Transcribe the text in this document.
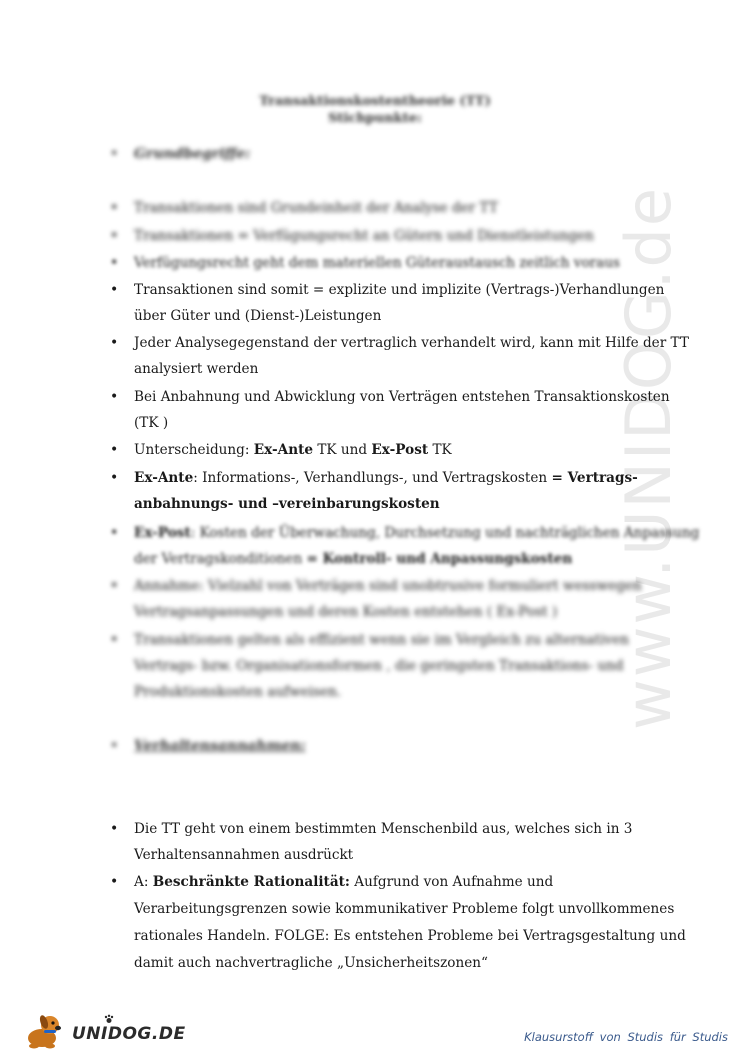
www.UNIDOG.de
Transaktionskostentheorie (TT)
Stichpunkte:
•	Grundbegriffe:
• Transaktionen sind Grundeinheit der Analyse der TT
• Transaktionen = Verfügungsrecht an Gütern und Dienstleistungen
• Verfügungsrecht geht dem materiellen Güteraustausch zeitlich voraus
• Transaktionen sind somit = explizite und implizite (Vertrags-)Verhandlungen
über Güter und (Dienst-)Leistungen
• Jeder Analysegegenstand der vertraglich verhandelt wird, kann mit Hilfe der TT
analysiert werden
• Bei Anbahnung und Abwicklung von Verträgen entstehen Transaktionskosten
(TK )
• Unterscheidung: Ex-Ante TK und Ex-Post TK
• Ex-Ante: Informations-, Verhandlungs-, und Vertragskosten = Vertrags-
anbahnungs- und –vereinbarungskosten
• Ex-Post: Kosten der Überwachung, Durchsetzung und nachträglichen Anpassung
der Vertragskonditionen = Kontroll- und Anpassungskosten
• Annahme: Vielzahl von Verträgen sind unobtrusive formuliert wesswegen
Vertragsanpassungen und deren Kosten entstehen ( Ex-Post )
• Transaktionen gelten als effizient wenn sie im Vergleich zu alternativen
Vertrags- bzw. Organisationsformen , die geringsten Transaktions- und
Produktionskosten aufweisen.
•	Verhaltensannahmen:
• Die TT geht von einem bestimmten Menschenbild aus, welches sich in 3
Verhaltensannahmen ausdrückt
• A: Beschränkte Rationalität: Aufgrund von Aufnahme und
Verarbeitungsgrenzen sowie kommunikativer Probleme folgt unvollkommenes
rationales Handeln. FOLGE: Es entstehen Probleme bei Vertragsgestaltung und
damit auch nachvertragliche „Unsicherheitszonen“
UNIDOG.DE	Klausurstoff von Studis für Studis
